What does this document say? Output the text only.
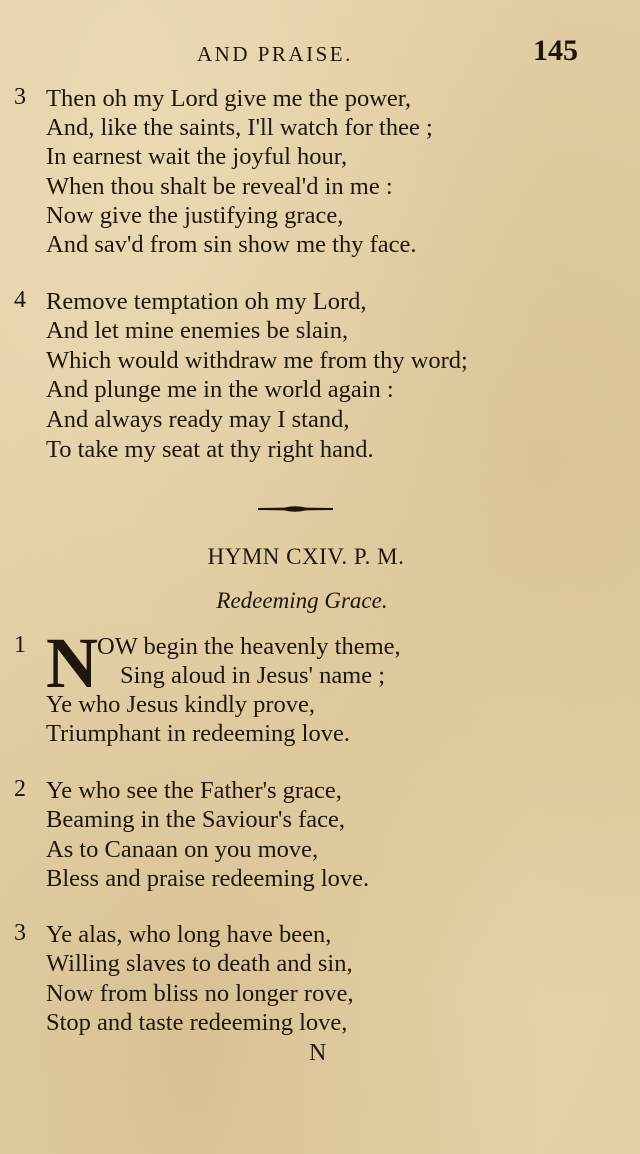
AND PRAISE.	145
3 Then oh my Lord give me the power,
And, like the saints, I'll watch for thee ;
In earnest wait the joyful hour,
When thou shalt be reveal'd in me :
Now give the justifying grace,
And sav'd from sin show me thy face.
4 Remove temptation oh my Lord,
And let mine enemies be slain,
Which would withdraw me from thy word;
And plunge me in the world again :
And always ready may I stand,
To take my seat at thy right hand.
HYMN CXIV. P. M.
Redeeming Grace.
1	OW begin the heavenly theme,
Sing aloud in Jesus' name ;
Ye who Jesus kindly prove,
Triumphant in redeeming love.
N
2 Ye who see the Father's grace,
Beaming in the Saviour's face,
As to Canaan on you move,
Bless and praise redeeming love.
3 Ye alas, who long have been,
Willing slaves to death and sin,
Now from bliss no longer rove,
Stop and taste redeeming love,
N
